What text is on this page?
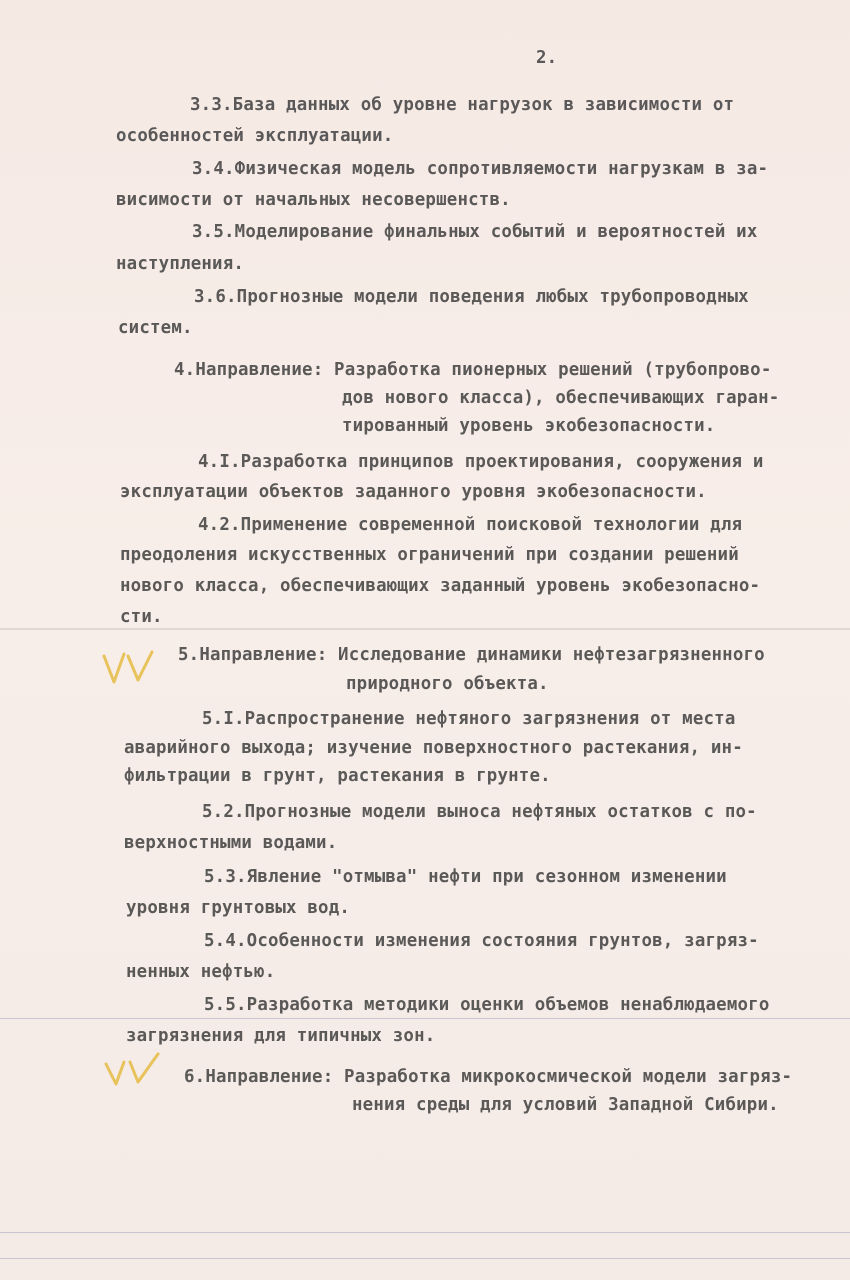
2.
3.3.База данных об уровне нагрузок в зависимости от
особенностей эксплуатации.
3.4.Физическая модель сопротивляемости нагрузкам в за-
висимости от начальных несовершенств.
3.5.Моделирование финальных событий и вероятностей их
наступления.
3.6.Прогнозные модели поведения любых трубопроводных
систем.
4.Направление: Разработка пионерных решений (трубопрово-
дов нового класса), обеспечивающих гаран-
тированный уровень экобезопасности.
4.I.Разработка принципов проектирования, сооружения и
эксплуатации объектов заданного уровня экобезопасности.
4.2.Применение современной поисковой технологии для
преодоления искусственных ограничений при создании решений
нового класса, обеспечивающих заданный уровень экобезопасно-
сти.
5.Направление: Исследование динамики нефтезагрязненного
природного объекта.
5.I.Распространение нефтяного загрязнения от места
аварийного выхода; изучение поверхностного растекания, ин-
фильтрации в грунт, растекания в грунте.
5.2.Прогнозные модели выноса нефтяных остатков с по-
верхностными водами.
5.3.Явление "отмыва" нефти при сезонном изменении
уровня грунтовых вод.
5.4.Особенности изменения состояния грунтов, загряз-
ненных нефтью.
5.5.Разработка методики оценки объемов ненаблюдаемого
загрязнения для типичных зон.
6.Направление: Разработка микрокосмической модели загряз-
нения среды для условий Западной Сибири.
